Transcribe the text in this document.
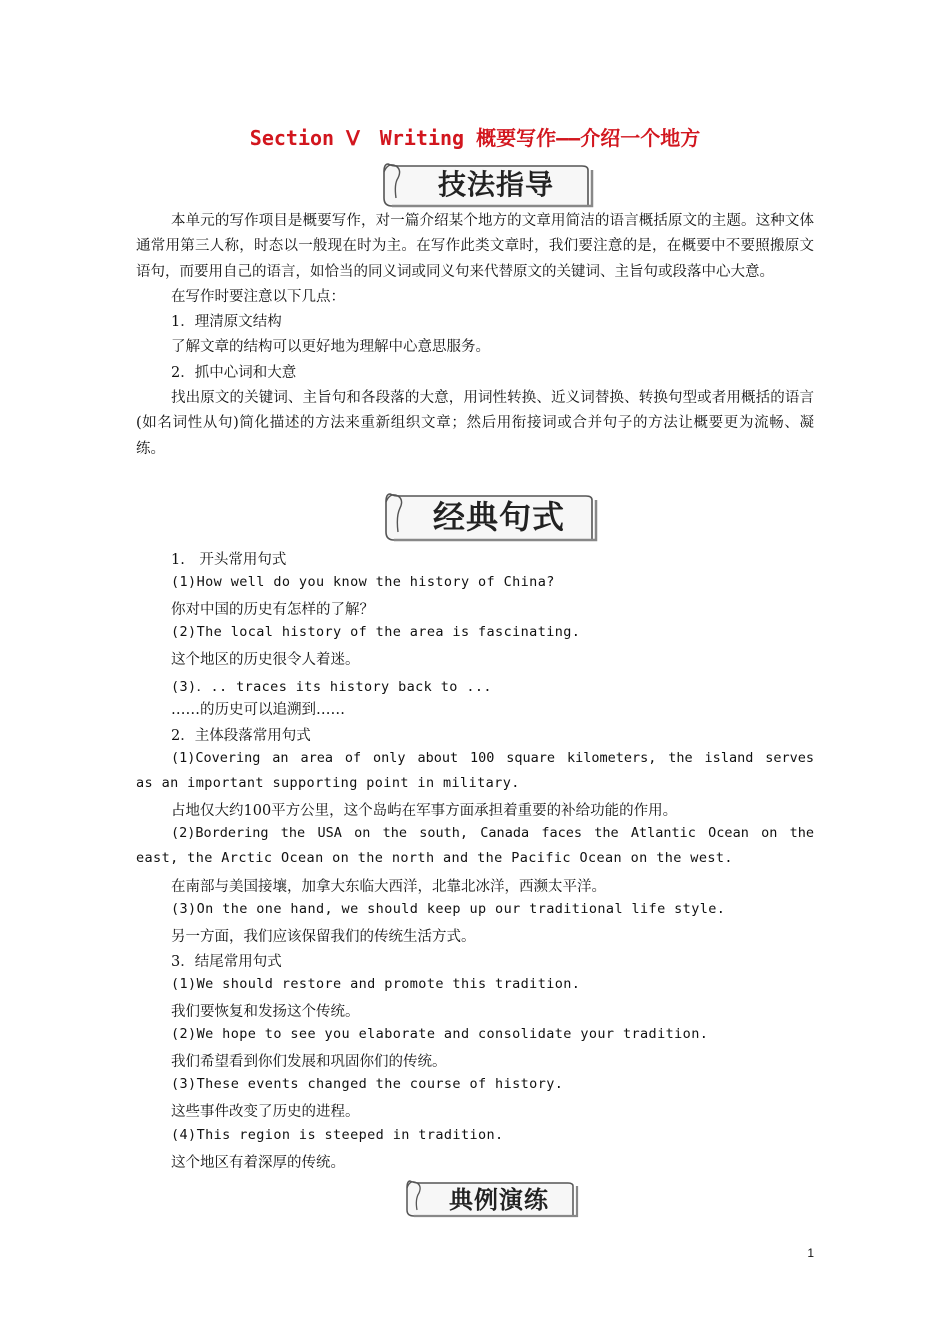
Section Ⅴ　Writing 概要写作——介绍一个地方
技法指导

本单元的写作项目是概要写作，对一篇介绍某个地方的文章用简洁的语言概括原文的主题。这种文体通常用第三人称，时态以一般现在时为主。在写作此类文章时，我们要注意的是，在概要中不要照搬原文语句，而要用自己的语言，如恰当的同义词或同义句来代替原文的关键词、主旨句或段落中心大意。

在写作时要注意以下几点：

1．理清原文结构

了解文章的结构可以更好地为理解中心意思服务。

2．抓中心词和大意

找出原文的关键词、主旨句和各段落的大意，用词性转换、近义词替换、转换句型或者用概括的语言(如名词性从句)简化描述的方法来重新组织文章；然后用衔接词或合并句子的方法让概要更为流畅、凝练。

经典句式
1.　开头常用句式
(1)How well do you know the history of China?
你对中国的历史有怎样的了解？
(2)The local history of the area is fascinating.
这个地区的历史很令人着迷。
(3)．.. traces its history back to ...
……的历史可以追溯到……
2．主体段落常用句式
(1)Covering an area of only about 100 square kilometers, the island serves
as an important supporting point in military.
占地仅大约100平方公里，这个岛屿在军事方面承担着重要的补给功能的作用。
(2)Bordering the USA on the south, Canada faces the Atlantic Ocean on the
east, the Arctic Ocean on the north and the Pacific Ocean on the west.
在南部与美国接壤，加拿大东临大西洋，北靠北冰洋，西濒太平洋。
(3)On the one hand, we should keep up our traditional life style.
另一方面，我们应该保留我们的传统生活方式。
3．结尾常用句式
(1)We should restore and promote this tradition.
我们要恢复和发扬这个传统。
(2)We hope to see you elaborate and consolidate your tradition.
我们希望看到你们发展和巩固你们的传统。
(3)These events changed the course of history.
这些事件改变了历史的进程。
(4)This region is steeped in tradition.
这个地区有着深厚的传统。
典例演练
1
